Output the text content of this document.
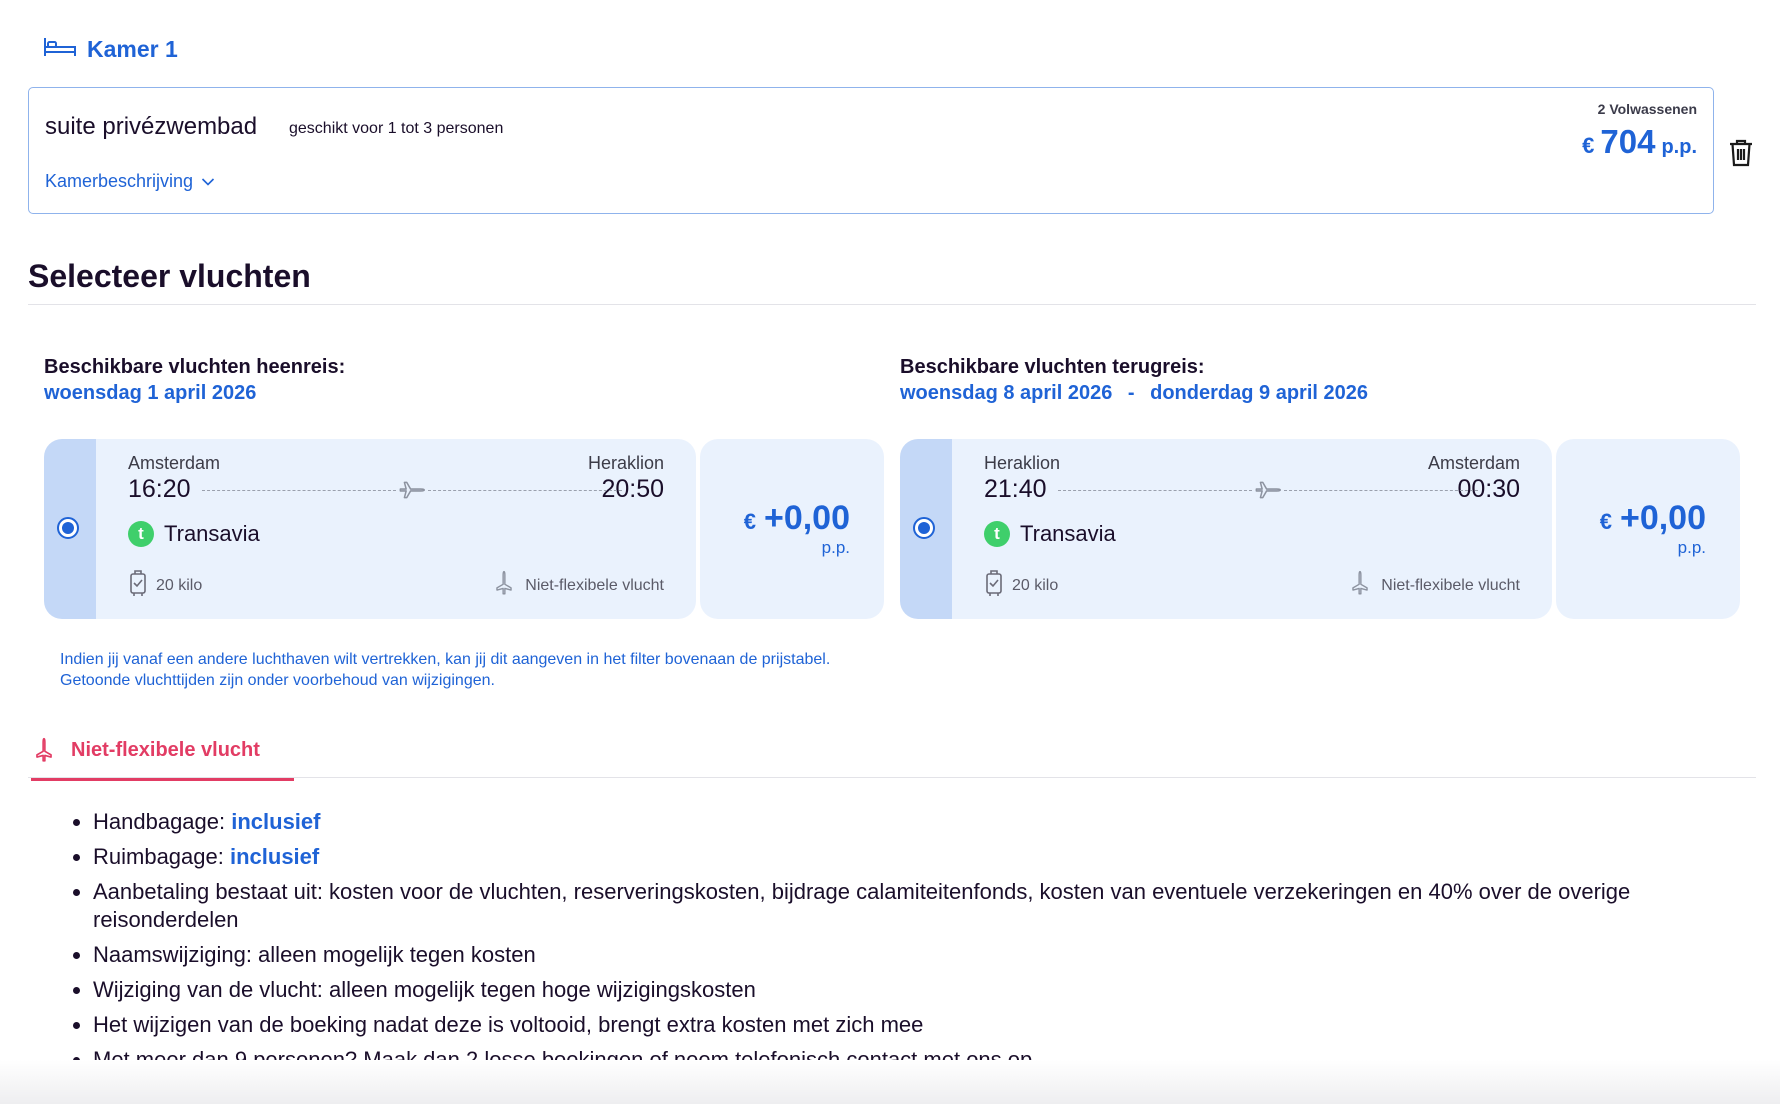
Kamer 1
suite privézwembad geschikt voor 1 tot 3 personen
Kamerbeschrijving
2 Volwassenen
€ 704 p.p.
Selecteer vluchten
Beschikbare vluchten heenreis:
woensdag 1 april 2026
Beschikbare vluchten terugreis:
woensdag 8 april 2026 - donderdag 9 april 2026
Amsterdam	Heraklion
16:20	20:50
t Transavia
20 kilo	Niet-flexibele vlucht
€ +0,00
p.p.
Heraklion	Amsterdam
21:40	00:30
t Transavia
20 kilo	Niet-flexibele vlucht
€ +0,00
p.p.
Indien jij vanaf een andere luchthaven wilt vertrekken, kan jij dit aangeven in het filter bovenaan de prijstabel.
Getoonde vluchttijden zijn onder voorbehoud van wijzigingen.
Niet-flexibele vlucht
• Handbagage: inclusief
• Ruimbagage: inclusief
• Aanbetaling bestaat uit: kosten voor de vluchten, reserveringskosten, bijdrage calamiteitenfonds, kosten van eventuele verzekeringen en 40% over de overige reisonderdelen
• Naamswijziging: alleen mogelijk tegen kosten
• Wijziging van de vlucht: alleen mogelijk tegen hoge wijzigingskosten
• Het wijzigen van de boeking nadat deze is voltooid, brengt extra kosten met zich mee
•
